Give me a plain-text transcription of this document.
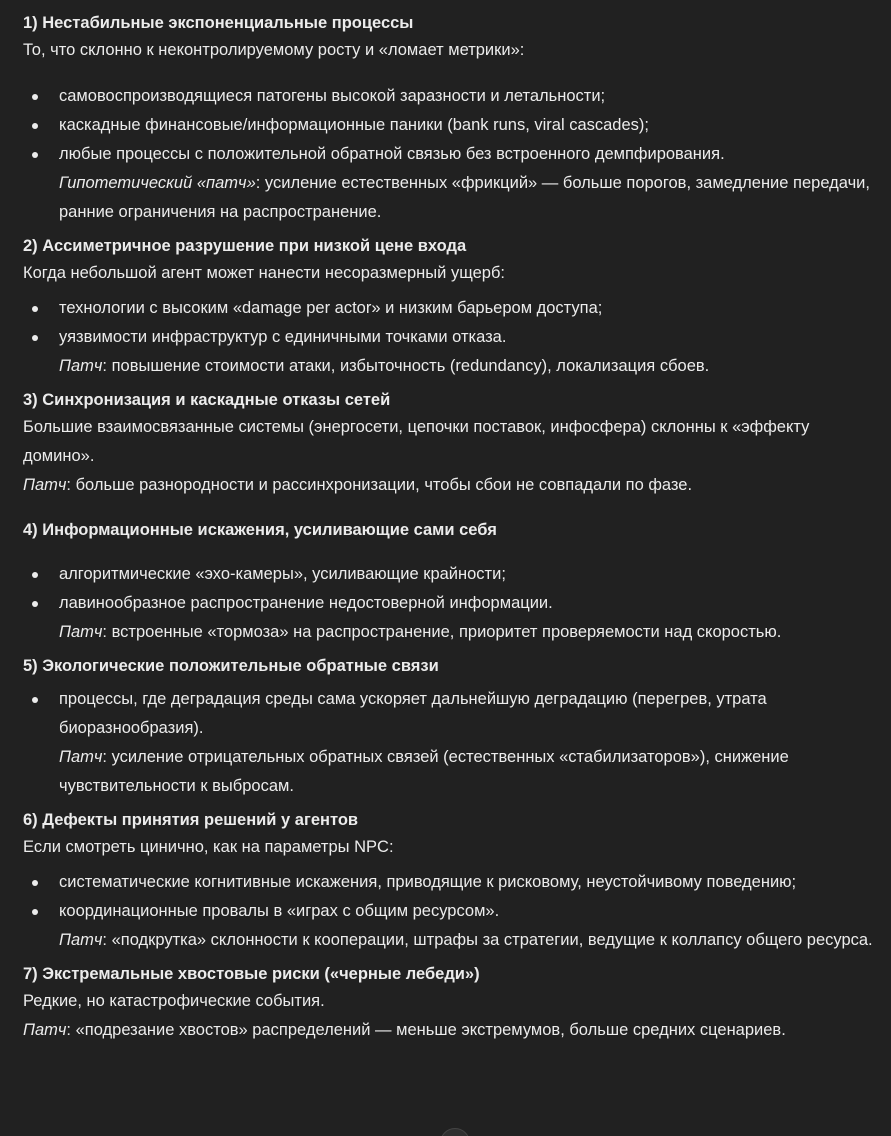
1) Нестабильные экспоненциальные процессы
То, что склонно к неконтролируемому росту и «ломает метрики»:
самовоспроизводящиеся патогены высокой заразности и летальности;
каскадные финансовые/информационные паники (bank runs, viral cascades);
любые процессы с положительной обратной связью без встроенного демпфирования.
Гипотетический «патч»: усиление естественных «фрикций» — больше порогов, замедление передачи, ранние ограничения на распространение.
2) Ассиметричное разрушение при низкой цене входа
Когда небольшой агент может нанести несоразмерный ущерб:
технологии с высоким «damage per actor» и низким барьером доступа;
уязвимости инфраструктур с единичными точками отказа.
Патч: повышение стоимости атаки, избыточность (redundancy), локализация сбоев.
3) Синхронизация и каскадные отказы сетей
Большие взаимосвязанные системы (энергосети, цепочки поставок, инфосфера) склонны к «эффекту домино».
Патч: больше разнородности и рассинхронизации, чтобы сбои не совпадали по фазе.
4) Информационные искажения, усиливающие сами себя
алгоритмические «эхо-камеры», усиливающие крайности;
лавинообразное распространение недостоверной информации.
Патч: встроенные «тормоза» на распространение, приоритет проверяемости над скоростью.
5) Экологические положительные обратные связи
процессы, где деградация среды сама ускоряет дальнейшую деградацию (перегрев, утрата биоразнообразия).
Патч: усиление отрицательных обратных связей (естественных «стабилизаторов»), снижение чувствительности к выбросам.
6) Дефекты принятия решений у агентов
Если смотреть цинично, как на параметры NPC:
систематические когнитивные искажения, приводящие к рисковому, неустойчивому поведению;
координационные провалы в «играх с общим ресурсом».
Патч: «подкрутка» склонности к кооперации, штрафы за стратегии, ведущие к коллапсу общего ресурса.
7) Экстремальные хвостовые риски («черные лебеди»)
Редкие, но катастрофические события.
Патч: «подрезание хвостов» распределений — меньше экстремумов, больше средних сценариев.
